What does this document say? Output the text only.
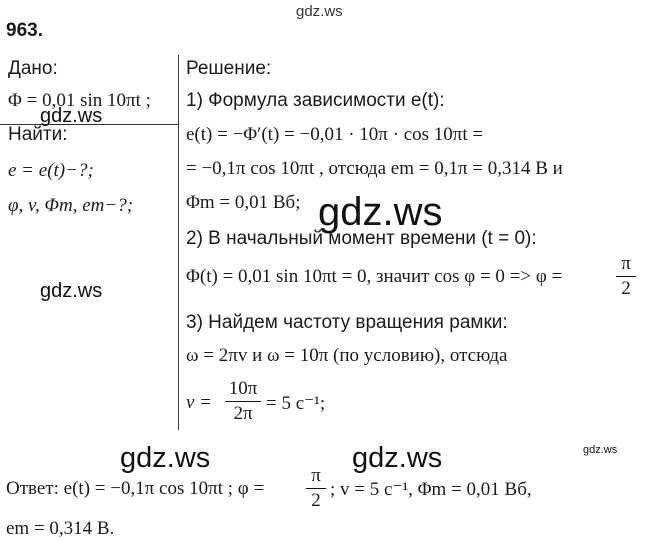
gdz.ws
963.
Дано:
Φ = 0,01 sin 10πt ;
Найти:
e = e(t)−?;
φ, v, Φm, em−?;
Решение:
1) Формула зависимости e(t):
e(t) = −Φ′(t) = −0,01 · 10π · cos 10πt =
= −0,1π cos 10πt , отсюда em = 0,1π = 0,314 В и
Φm = 0,01 Вб;
2) В начальный момент времени (t = 0):
Φ(t) = 0,01 sin 10πt = 0, значит cos φ = 0 => φ =
π
2
3) Найдем частоту вращения рамки:
ω = 2πv и ω = 10π (по условию), отсюда
v =
10π
2π = 5 с⁻¹;
Ответ: e(t) = −0,1π cos 10πt ; φ =
π
2
; v = 5 с⁻¹, Φm = 0,01 Вб,
em = 0,314 В.
gdz.ws
gdz.ws
gdz.ws
gdz.ws	gdz.ws	gdz.ws
